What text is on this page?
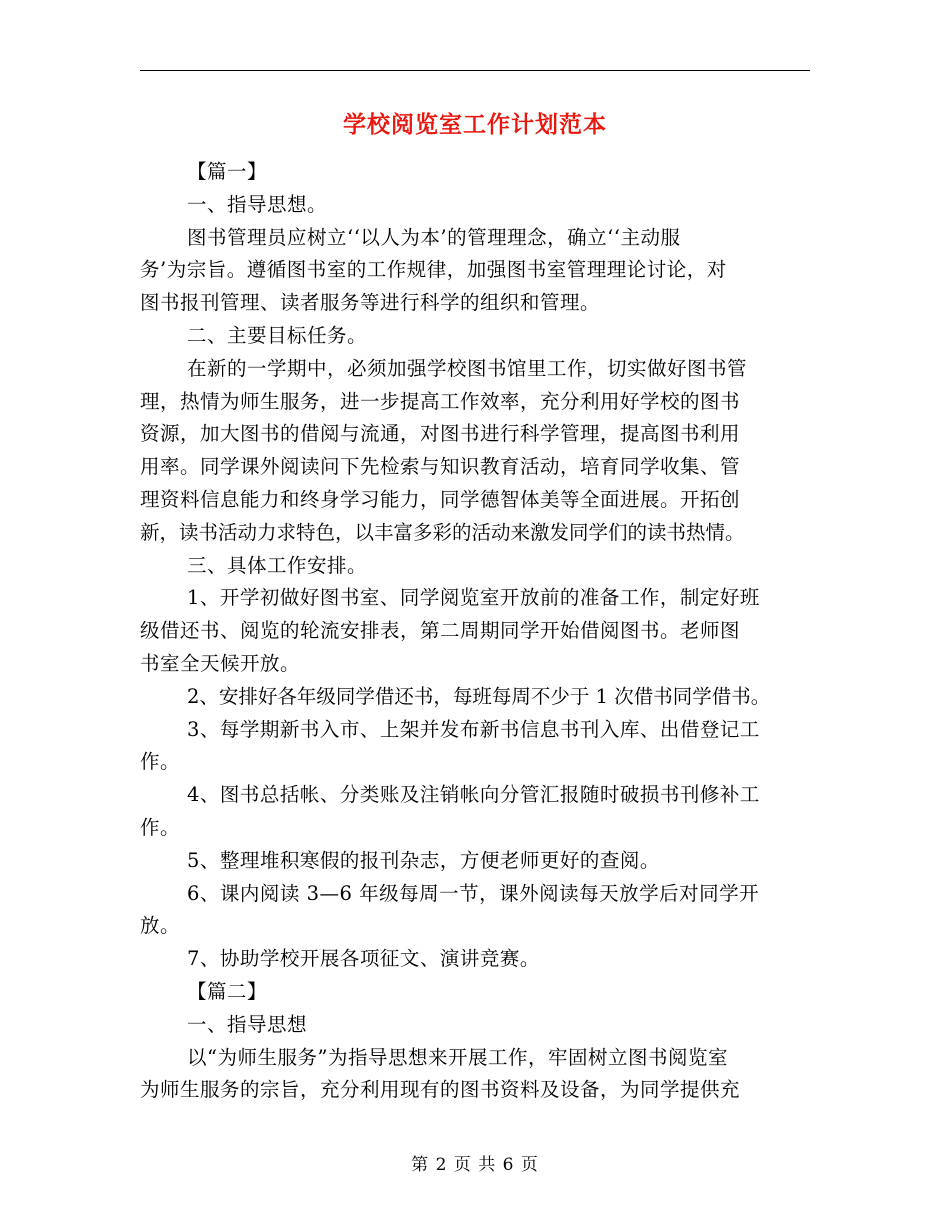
学校阅览室工作计划范本
【篇一】
一、指导思想。
图书管理员应树立‘‘以人为本’的管理理念，确立‘‘主动服
务’为宗旨。遵循图书室的工作规律，加强图书室管理理论讨论，对
图书报刊管理、读者服务等进行科学的组织和管理。
二、主要目标任务。
在新的一学期中，必须加强学校图书馆里工作，切实做好图书管
理，热情为师生服务，进一步提高工作效率，充分利用好学校的图书
资源，加大图书的借阅与流通，对图书进行科学管理，提高图书利用
用率。同学课外阅读问下先检索与知识教育活动，培育同学收集、管
理资料信息能力和终身学习能力，同学德智体美等全面进展。开拓创
新，读书活动力求特色，以丰富多彩的活动来激发同学们的读书热情。
三、具体工作安排。
1、开学初做好图书室、同学阅览室开放前的准备工作，制定好班
级借还书、阅览的轮流安排表，第二周期同学开始借阅图书。老师图
书室全天候开放。
2、安排好各年级同学借还书，每班每周不少于 1 次借书同学借书。
3、每学期新书入市、上架并发布新书信息书刊入库、出借登记工
作。
4、图书总括帐、分类账及注销帐向分管汇报随时破损书刊修补工
作。
5、整理堆积寒假的报刊杂志，方便老师更好的查阅。
6、课内阅读 3—6 年级每周一节，课外阅读每天放学后对同学开
放。
7、协助学校开展各项征文、演讲竞赛。
【篇二】
一、指导思想
以“为师生服务”为指导思想来开展工作，牢固树立图书阅览室
为师生服务的宗旨，充分利用现有的图书资料及设备，为同学提供充
第 2 页 共 6 页
